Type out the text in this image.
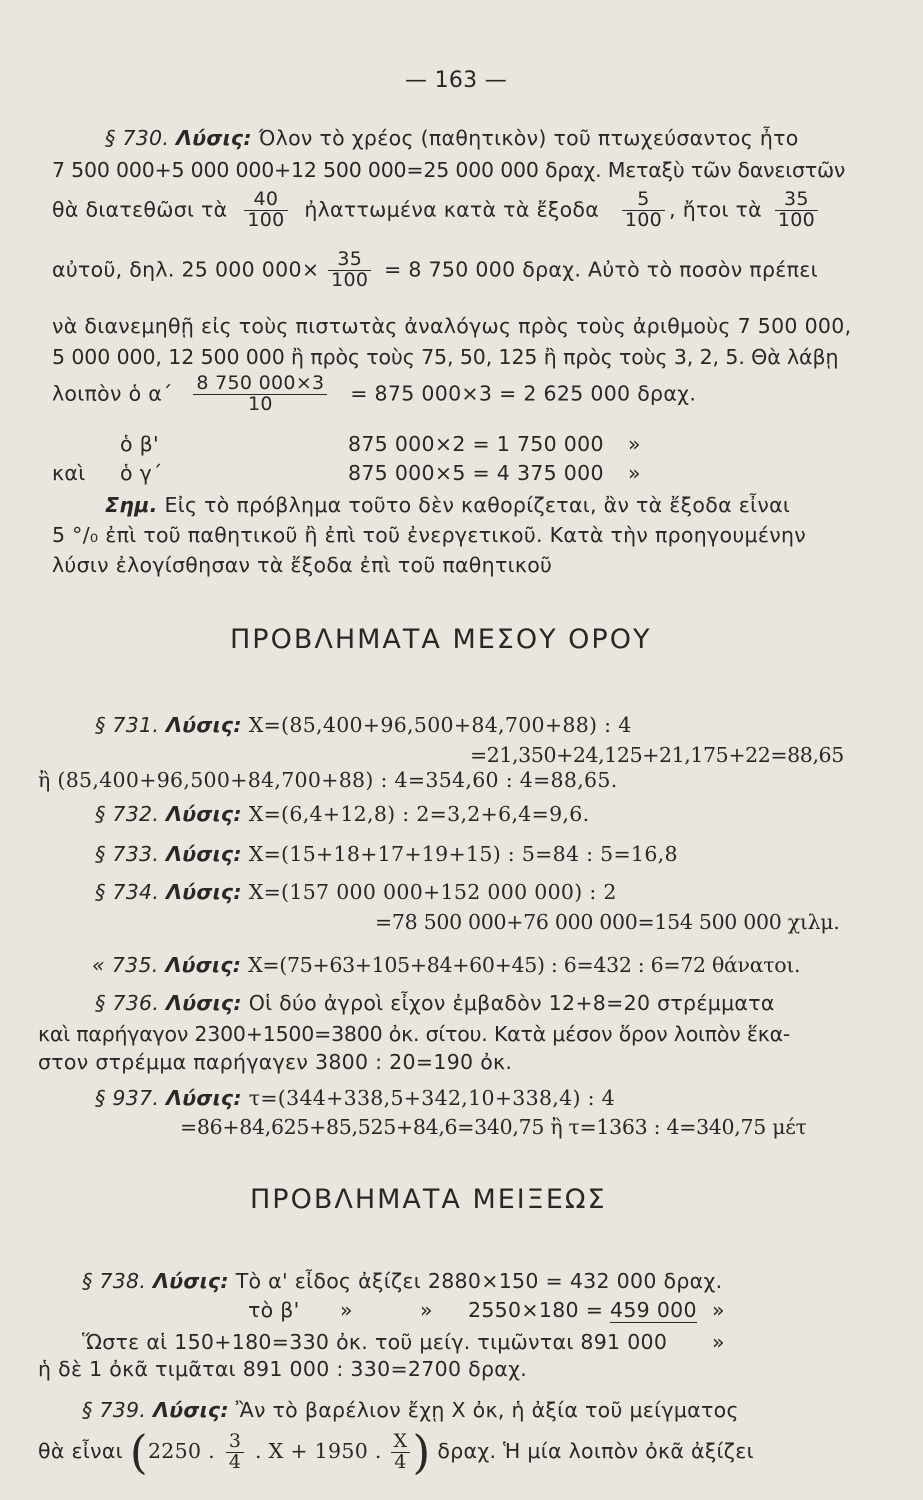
— 163 —
§ 730. Λύσις: Όλον τὸ χρέος (παθητικὸν) τοῦ πτωχεύσαντος ἦτο
7 500 000+5 000 000+12 500 000=25 000 000 δραχ. Μεταξὺ τῶν δανειστῶν
θὰ διατεθῶσι τὰ $\frac{40}{100}$ ἠλαττωμένα κατὰ τὰ ἔξοδα $\frac{5}{100}$ , ἤτοι τὰ $\frac{35}{100}$
αὐτοῦ, δηλ. 25 000 $000\times \frac{35}{100} = 8$ 750 000 δραχ. Αὐτὸ τὸ ποσὸν πρέπει
νὰ διανεμηθῇ εἰς τοὺς πιστωτὰς ἀναλόγως πρὸς τοὺς ἀριθμοὺς 7 500 000,
5 000 000, 12 500 000 ἢ πρὸς τοὺς 75, 50, 125 ἢ πρὸς τοὺς 3, 2, 5. Θὰ λάβῃ
λοιπὸν ὁ $\alpha΄ \frac{8 750 000\times 3}{10} = 875$ 000×3 = 2 625 000 δραχ.
ὁ β'	875 000×2 = 1 750 000 »
καὶ ὁ γ΄	875 000×5 = 4 375 000 »
Σημ. Εἰς τὸ πρόβλημα τοῦτο δὲν καθορίζεται, ἂν τὰ ἔξοδα εἶναι
5 °/₀ ἐπὶ τοῦ παθητικοῦ ἢ ἐπὶ τοῦ ἐνεργετικοῦ. Κατὰ τὴν προηγουμένην
λύσιν ἐλογίσθησαν τὰ ἔξοδα ἐπὶ τοῦ παθητικοῦ
ΠΡΟΒΛΗΜΑΤΑ ΜΕΣΟΥ ΟΡΟΥ
§ 731. Λύσις: X=(85,400+96,500+84,700+88) : 4
=21,350+24,125+21,175+22=88,65
ἢ (85,400+96,500+84,700+88) : 4=354,60 : 4=88,65.
§ 732. Λύσις: X=(6,4+12,8) : 2=3,2+6,4=9,6.
§ 733. Λύσις: X=(15+18+17+19+15) : 5=84 : 5=16,8
§ 734. Λύσις: X=(157 000 000+152 000 000) : 2
=78 500 000+76 000 000=154 500 000 χιλμ.
« 735. Λύσις: X=(75+63+105+84+60+45) : 6=432 : 6=72 θάνατοι.
§ 736. Λύσις: Οἱ δύο ἀγροὶ εἶχον ἐμβαδὸν 12+8=20 στρέμματα
καὶ παρήγαγον 2300+1500=3800 ὀκ. σίτου. Κατὰ μέσον ὅρον λοιπὸν ἕκα-
στον στρέμμα παρήγαγεν 3800 : 20=190 ὀκ.
§ 937. Λύσις: τ=(344+338,5+342,10+338,4) : 4
=86+84,625+85,525+84,6=340,75 ἢ τ=1363 : 4=340,75 μέτ
ΠΡΟΒΛΗΜΑΤΑ ΜΕΙΞΕΩΣ
§ 738. Λύσις: Τὸ α' εἶδος ἀξίζει 2880×150 = 432 000 δραχ.
τὸ β' »	» 2550×180 = 459 000 »
Ὥστε αἱ 150+180=330 ὀκ. τοῦ μείγ. τιμῶνται 891 000 »
ἡ δὲ 1 ὀκᾶ τιμᾶται 891 000 : 330=2700 δραχ.
§ 739. Λύσις: Ἂν τὸ βαρέλιον ἔχῃ X ὀκ, ἡ ἀξία τοῦ μείγματος
θὰ εἶναι (2250 . $\frac{3}{4}$ . X + 1950 . $\frac{X}{4}$ ) δραχ. Ἡ μία λοιπὸν ὀκᾶ ἀξίζει
